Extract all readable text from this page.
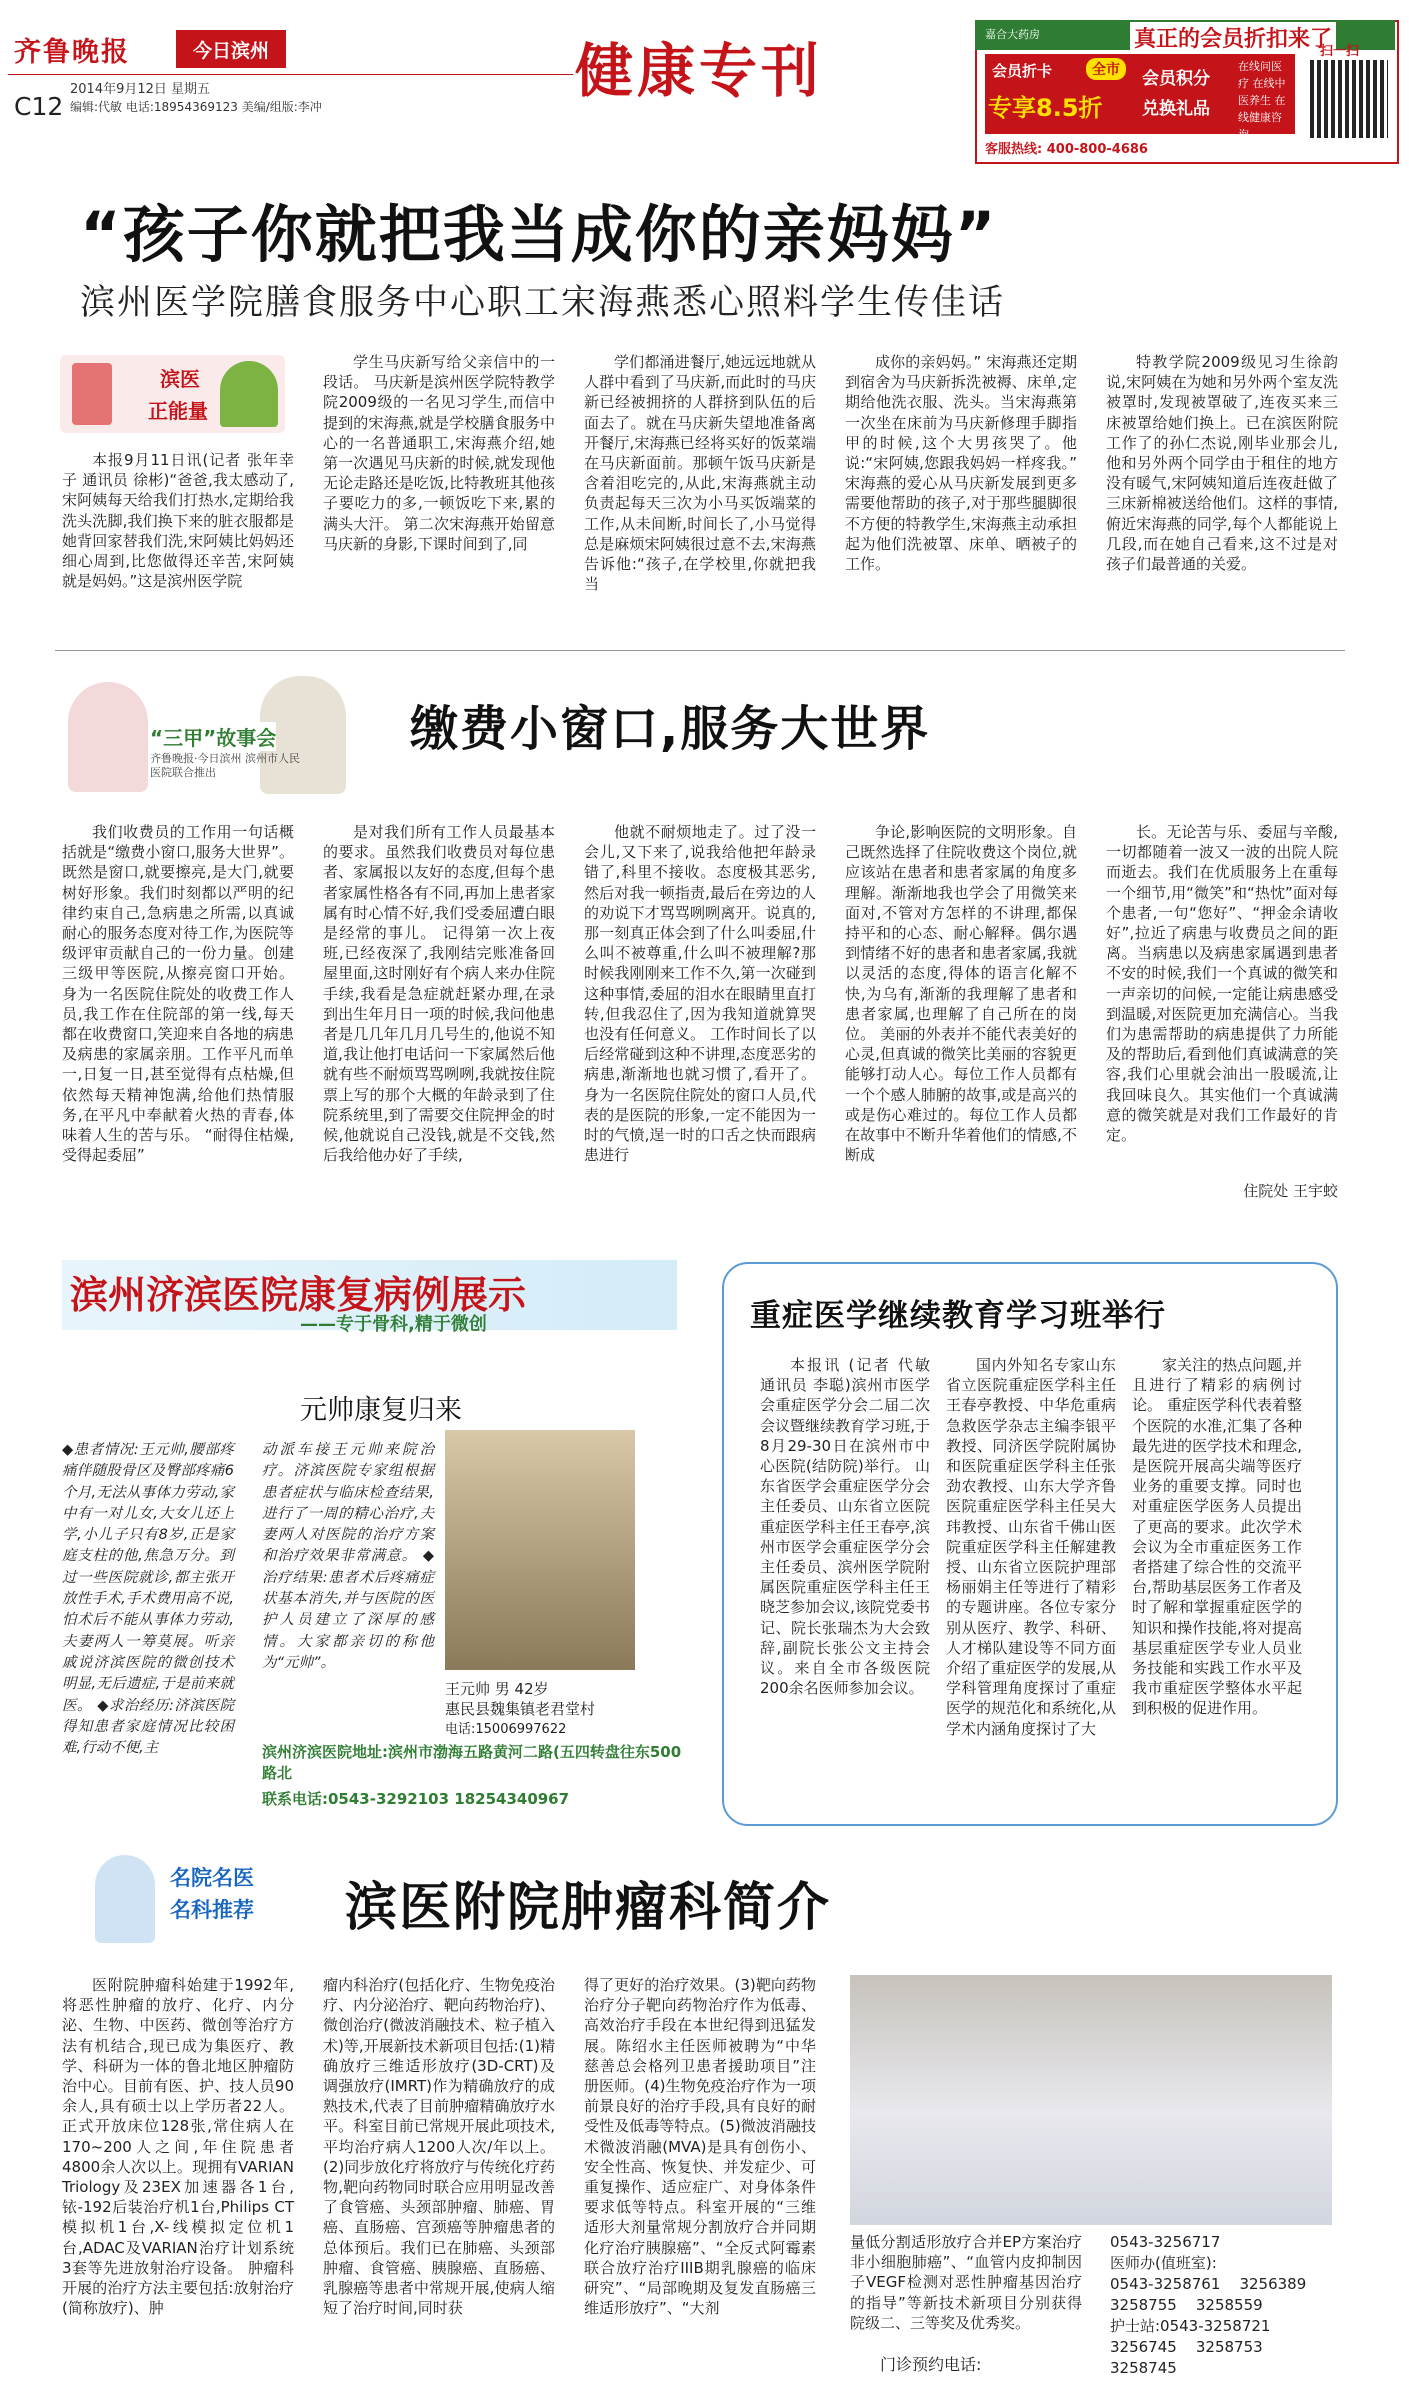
齐鲁晚报	今日滨州
C12
2014年9月12日 星期五
编辑:代敏 电话:18954369123 美编/组版:李冲
健康专刊
嘉合大药房	真正的会员折扣来了
会员折卡
专享8.5折
全市	会员积分
兑换礼品
在线问医疗 在线中医养生 在线健康咨询
扫一扫
客服热线: 400-800-4686
“孩子你就把我当成你的亲妈妈”
滨州医学院膳食服务中心职工宋海燕悉心照料学生传佳话
滨医
正能量

本报9月11日讯(记者 张年幸子 通讯员 徐彬)“爸爸,我太感动了,宋阿姨每天给我们打热水,定期给我洗头洗脚,我们换下来的脏衣服都是她背回家替我们洗,宋阿姨比妈妈还细心周到,比您做得还辛苦,宋阿姨就是妈妈。”这是滨州医学院

学生马庆新写给父亲信中的一段话。 马庆新是滨州医学院特教学院2009级的一名见习学生,而信中提到的宋海燕,就是学校膳食服务中心的一名普通职工,宋海燕介绍,她第一次遇见马庆新的时候,就发现他无论走路还是吃饭,比特教班其他孩子要吃力的多,一顿饭吃下来,累的满头大汗。 第二次宋海燕开始留意马庆新的身影,下课时间到了,同

学们都涌进餐厅,她远远地就从人群中看到了马庆新,而此时的马庆新已经被拥挤的人群挤到队伍的后面去了。就在马庆新失望地准备离开餐厅,宋海燕已经将买好的饭菜端在马庆新面前。那顿午饭马庆新是含着泪吃完的,从此,宋海燕就主动负责起每天三次为小马买饭端菜的工作,从未间断,时间长了,小马觉得总是麻烦宋阿姨很过意不去,宋海燕告诉他:“孩子,在学校里,你就把我当

成你的亲妈妈。” 宋海燕还定期到宿舍为马庆新拆洗被褥、床单,定期给他洗衣服、洗头。当宋海燕第一次坐在床前为马庆新修理手脚指甲的时候,这个大男孩哭了。他说:“宋阿姨,您跟我妈妈一样疼我。” 宋海燕的爱心从马庆新发展到更多需要他帮助的孩子,对于那些腿脚很不方便的特教学生,宋海燕主动承担起为他们洗被罩、床单、晒被子的工作。

特教学院2009级见习生徐韵说,宋阿姨在为她和另外两个室友洗被罩时,发现被罩破了,连夜买来三床被罩给她们换上。已在滨医附院工作了的孙仁杰说,刚毕业那会儿,他和另外两个同学由于租住的地方没有暖气,宋阿姨知道后连夜赶做了三床新棉被送给他们。这样的事情,俯近宋海燕的同学,每个人都能说上几段,而在她自己看来,这不过是对孩子们最普通的关爱。

“三甲”故事会
齐鲁晚报·今日滨州 滨州市人民医院联合推出
缴费小窗口,服务大世界

我们收费员的工作用一句话概括就是“缴费小窗口,服务大世界”。既然是窗口,就要擦亮,是大门,就要树好形象。我们时刻都以严明的纪律约束自己,急病患之所需,以真诚耐心的服务态度对待工作,为医院等级评审贡献自己的一份力量。创建三级甲等医院,从擦亮窗口开始。 身为一名医院住院处的收费工作人员,我工作在住院部的第一线,每天都在收费窗口,笑迎来自各地的病患及病患的家属亲朋。工作平凡而单一,日复一日,甚至觉得有点枯燥,但依然每天精神饱满,给他们热情服务,在平凡中奉献着火热的青春,体味着人生的苦与乐。 “耐得住枯燥,受得起委屈”

是对我们所有工作人员最基本的要求。虽然我们收费员对每位患者、家属报以友好的态度,但每个患者家属性格各有不同,再加上患者家属有时心情不好,我们受委屈遭白眼是经常的事儿。 记得第一次上夜班,已经夜深了,我刚结完账准备回屋里面,这时刚好有个病人来办住院手续,我看是急症就赶紧办理,在录到出生年月日一项的时候,我问他患者是几几年几月几号生的,他说不知道,我让他打电话问一下家属然后他就有些不耐烦骂骂咧咧,我就按住院票上写的那个大概的年龄录到了住院系统里,到了需要交住院押金的时候,他就说自己没钱,就是不交钱,然后我给他办好了手续,

他就不耐烦地走了。过了没一会儿,又下来了,说我给他把年龄录错了,科里不接收。态度极其恶劣,然后对我一顿指责,最后在旁边的人的劝说下才骂骂咧咧离开。说真的,那一刻真正体会到了什么叫委屈,什么叫不被尊重,什么叫不被理解?那时候我刚刚来工作不久,第一次碰到这种事情,委屈的泪水在眼睛里直打转,但我忍住了,因为我知道就算哭也没有任何意义。 工作时间长了以后经常碰到这种不讲理,态度恶劣的病患,渐渐地也就习惯了,看开了。身为一名医院住院处的窗口人员,代表的是医院的形象,一定不能因为一时的气愤,逞一时的口舌之快而跟病患进行

争论,影响医院的文明形象。自己既然选择了住院收费这个岗位,就应该站在患者和患者家属的角度多理解。渐渐地我也学会了用微笑来面对,不管对方怎样的不讲理,都保持平和的心态、耐心解释。偶尔遇到情绪不好的患者和患者家属,我就以灵活的态度,得体的语言化解不快,为乌有,渐渐的我理解了患者和患者家属,也理解了自己所在的岗位。 美丽的外表并不能代表美好的心灵,但真诚的微笑比美丽的容貌更能够打动人心。每位工作人员都有一个个感人肺腑的故事,或是高兴的或是伤心难过的。每位工作人员都在故事中不断升华着他们的情感,不断成

长。无论苦与乐、委屈与辛酸,一切都随着一波又一波的出院人院而逝去。我们在优质服务上在重每一个细节,用“微笑”和“热忱”面对每个患者,一句“您好”、“押金余请收好”,拉近了病患与收费员之间的距离。当病患以及病患家属遇到患者不安的时候,我们一个真诚的微笑和一声亲切的问候,一定能让病患感受到温暖,对医院更加充满信心。当我们为患需帮助的病患提供了力所能及的帮助后,看到他们真诚满意的笑容,我们心里就会油出一股暖流,让我回味良久。其实他们一个真诚满意的微笑就是对我们工作最好的肯定。

住院处 王宇蛟
滨州济滨医院康复病例展示
——专于骨科,精于微创
元帅康复归来

◆患者情况:王元帅,腰部疼痛伴随股骨区及臀部疼痛6个月,无法从事体力劳动,家中有一对儿女,大女儿还上学,小儿子只有8岁,正是家庭支柱的他,焦急万分。到过一些医院就诊,都主张开放性手术,手术费用高不说,怕术后不能从事体力劳动,夫妻两人一筹莫展。听亲戚说济滨医院的微创技术明显,无后遗症,于是前来就医。 ◆求治经历:济滨医院得知患者家庭情况比较困难,行动不便,主

动派车接王元帅来院治疗。济滨医院专家组根据患者症状与临床检查结果,进行了一周的精心治疗,夫妻两人对医院的治疗方案和治疗效果非常满意。 ◆治疗结果:患者术后疼痛症状基本消失,并与医院的医护人员建立了深厚的感情。大家都亲切的称他为“元帅”。

王元帅 男 42岁
惠民县魏集镇老君堂村
电话:15006997622
滨州济滨医院地址:滨州市渤海五路黄河二路(五四转盘往东500路北
联系电话:0543-3292103 18254340967
重症医学继续教育学习班举行

本报讯 (记者 代敏 通讯员 李聪)滨州市医学会重症医学分会二届二次会议暨继续教育学习班,于8月29-30日在滨州市中心医院(结防院)举行。 山东省医学会重症医学分会主任委员、山东省立医院重症医学科主任王春亭,滨州市医学会重症医学分会主任委员、滨州医学院附属医院重症医学科主任王晓芝参加会议,该院党委书记、院长张瑞杰为大会致辞,副院长张公文主持会议。来自全市各级医院200余名医师参加会议。

国内外知名专家山东省立医院重症医学科主任王春亭教授、中华危重病急救医学杂志主编李银平教授、同济医学院附属协和医院重症医学科主任张劲农教授、山东大学齐鲁医院重症医学科主任吴大玮教授、山东省千佛山医院重症医学科主任解建教授、山东省立医院护理部杨丽娟主任等进行了精彩的专题讲座。各位专家分别从医疗、教学、科研、人才梯队建设等不同方面介绍了重症医学的发展,从学科管理角度探讨了重症医学的规范化和系统化,从学术内涵角度探讨了大

家关注的热点问题,并且进行了精彩的病例讨论。 重症医学科代表着整个医院的水准,汇集了各种最先进的医学技术和理念,是医院开展高尖端等医疗业务的重要支撑。同时也对重症医学医务人员提出了更高的要求。此次学术会议为全市重症医务工作者搭建了综合性的交流平台,帮助基层医务工作者及时了解和掌握重症医学的知识和操作技能,将对提高基层重症医学专业人员业务技能和实践工作水平及我市重症医学整体水平起到积极的促进作用。

名院名医
名科推荐 滨医附院肿瘤科简介

医附院肿瘤科始建于1992年,将恶性肿瘤的放疗、化疗、内分泌、生物、中医药、微创等治疗方法有机结合,现已成为集医疗、教学、科研为一体的鲁北地区肿瘤防治中心。目前有医、护、技人员90余人,具有硕士以上学历者22人。正式开放床位128张,常住病人在170~200人之间,年住院患者4800余人次以上。现拥有VARIAN Triology及23EX加速器各1台,铱-192后装治疗机1台,Philips CT模拟机1台,X-线模拟定位机1台,ADAC及VARIAN治疗计划系统3套等先进放射治疗设备。 肿瘤科开展的治疗方法主要包括:放射治疗(简称放疗)、肿

瘤内科治疗(包括化疗、生物免疫治疗、内分泌治疗、靶向药物治疗)、微创治疗(微波消融技术、粒子植入术)等,开展新技术新项目包括:(1)精确放疗三维适形放疗(3D-CRT)及调强放疗(IMRT)作为精确放疗的成熟技术,代表了目前肿瘤精确放疗水平。科室目前已常规开展此项技术,平均治疗病人1200人次/年以上。(2)同步放化疗将放疗与传统化疗药物,靶向药物同时联合应用明显改善了食管癌、头颈部肿瘤、肺癌、胃癌、直肠癌、宫颈癌等肿瘤患者的总体预后。我们已在肺癌、头颈部肿瘤、食管癌、胰腺癌、直肠癌、乳腺癌等患者中常规开展,使病人缩短了治疗时间,同时获

得了更好的治疗效果。(3)靶向药物治疗分子靶向药物治疗作为低毒、高效治疗手段在本世纪得到迅猛发展。陈绍水主任医师被聘为“中华慈善总会格列卫患者援助项目”注册医师。(4)生物免疫治疗作为一项前景良好的治疗手段,具有良好的耐受性及低毒等特点。(5)微波消融技术微波消融(MVA)是具有创伤小、安全性高、恢复快、并发症少、可重复操作、适应症广、对身体条件要求低等特点。科室开展的“三维适形大剂量常规分割放疗合并同期化疗治疗胰腺癌”、“全反式阿霉素联合放疗治疗IIIB期乳腺癌的临床研究”、“局部晚期及复发直肠癌三维适形放疗”、“大剂

量低分割适形放疗合并EP方案治疗非小细胞肺癌”、“血管内皮抑制因子VEGF检测对恶性肿瘤基因治疗的指导”等新技术新项目分别获得院级二、三等奖及优秀奖。

门诊预约电话:
0543-3256717
医师办(值班室):
0543-3258761    3256389
3258755    3258559
护士站:0543-3258721
3256745    3258753
3258745
